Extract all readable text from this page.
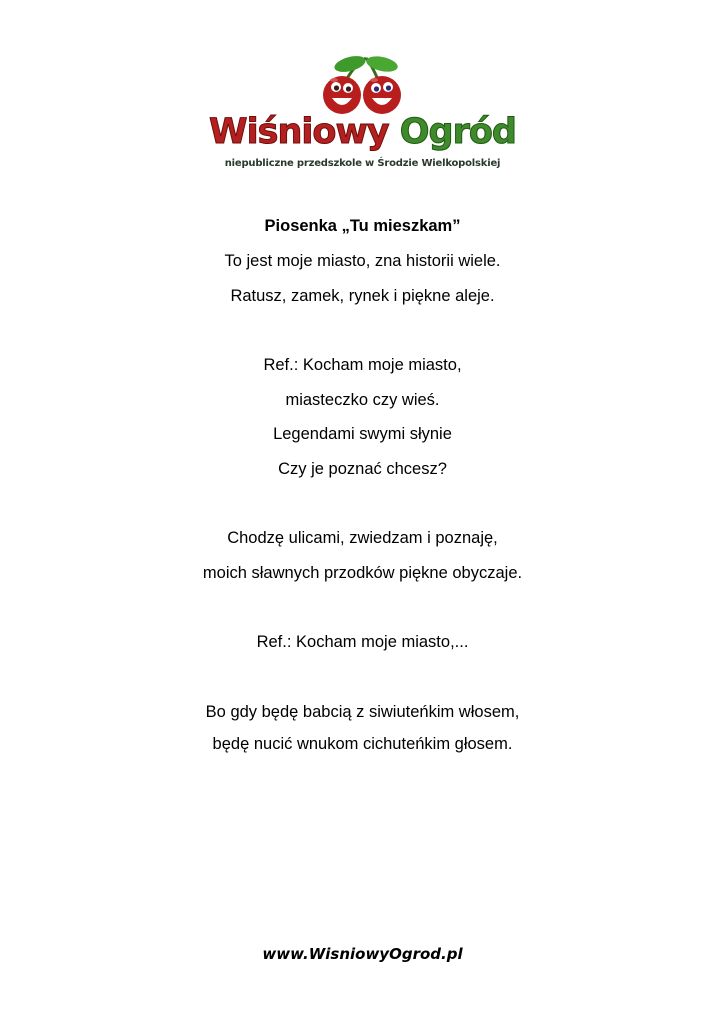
Wiśniowy Ogród
niepubliczne przedszkole w Środzie Wielkopolskiej
Piosenka „Tu mieszkam”
To jest moje miasto, zna historii wiele.
Ratusz, zamek, rynek i piękne aleje.
Ref.: Kocham moje miasto,
miasteczko czy wieś.
Legendami swymi słynie
Czy je poznać chcesz?
Chodzę ulicami, zwiedzam i poznaję,
moich sławnych przodków piękne obyczaje.
Ref.: Kocham moje miasto,...
Bo gdy będę babcią z siwiuteńkim włosem,
będę nucić wnukom cichuteńkim głosem.
www.WisniowyOgrod.pl
